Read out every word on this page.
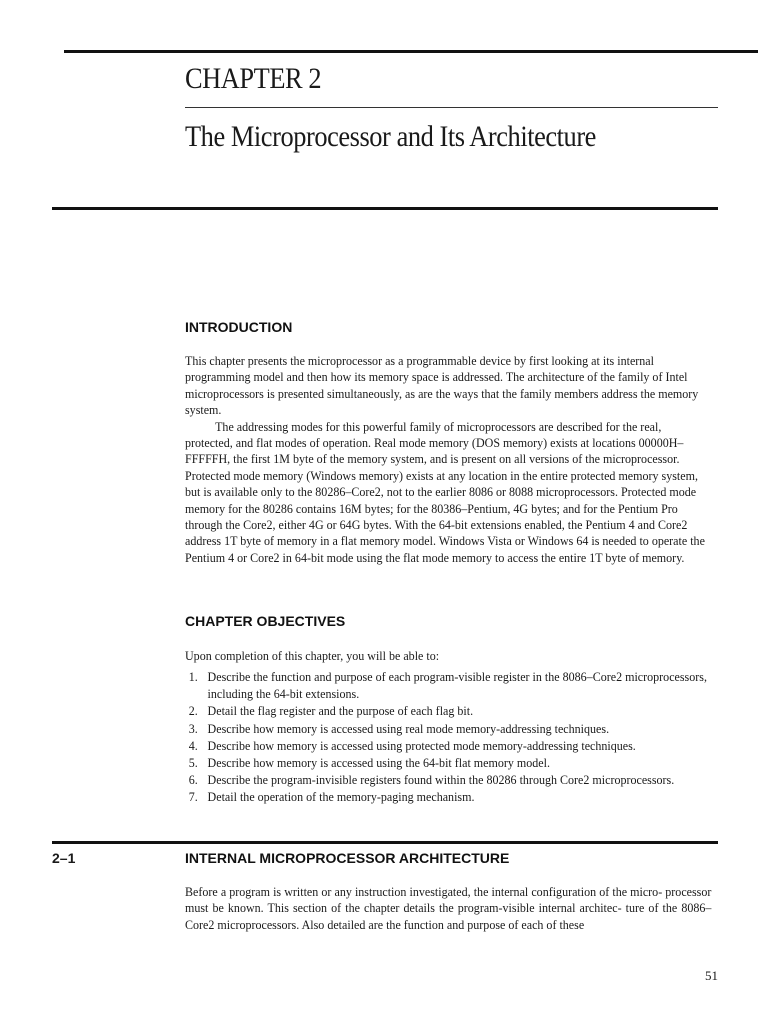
CHAPTER 2
The Microprocessor and Its Architecture
INTRODUCTION

This chapter presents the microprocessor as a programmable device by first looking at its internal programming model and then how its memory space is addressed. The architecture of the family of Intel microprocessors is presented simultaneously, as are the ways that the family members address the memory system.

The addressing modes for this powerful family of microprocessors are described for the real, protected, and flat modes of operation. Real mode memory (DOS memory) exists at locations 00000H–FFFFFH, the first 1M byte of the memory system, and is present on all versions of the microprocessor. Protected mode memory (Windows memory) exists at any location in the entire protected memory system, but is available only to the 80286–Core2, not to the earlier 8086 or 8088 microprocessors. Protected mode memory for the 80286 contains 16M bytes; for the 80386–Pentium, 4G bytes; and for the Pentium Pro through the Core2, either 4G or 64G bytes. With the 64-bit extensions enabled, the Pentium 4 and Core2 address 1T byte of memory in a flat memory model. Windows Vista or Windows 64 is needed to operate the Pentium 4 or Core2 in 64-bit mode using the flat mode memory to access the entire 1T byte of memory.

CHAPTER OBJECTIVES
Upon completion of this chapter, you will be able to:
1. Describe the function and purpose of each program-visible register in the 8086–Core2 microprocessors, including the 64-bit extensions.
2. Detail the flag register and the purpose of each flag bit.
3. Describe how memory is accessed using real mode memory-addressing techniques.
4. Describe how memory is accessed using protected mode memory-addressing techniques.
5. Describe how memory is accessed using the 64-bit flat memory model.
6. Describe the program-invisible registers found within the 80286 through Core2 microprocessors.
7. Detail the operation of the memory-paging mechanism.
2–1	INTERNAL MICROPROCESSOR ARCHITECTURE

Before a program is written or any instruction investigated, the internal configuration of the micro- processor must be known. This section of the chapter details the program-visible internal architec- ture of the 8086–Core2 microprocessors. Also detailed are the function and purpose of each of these

51
